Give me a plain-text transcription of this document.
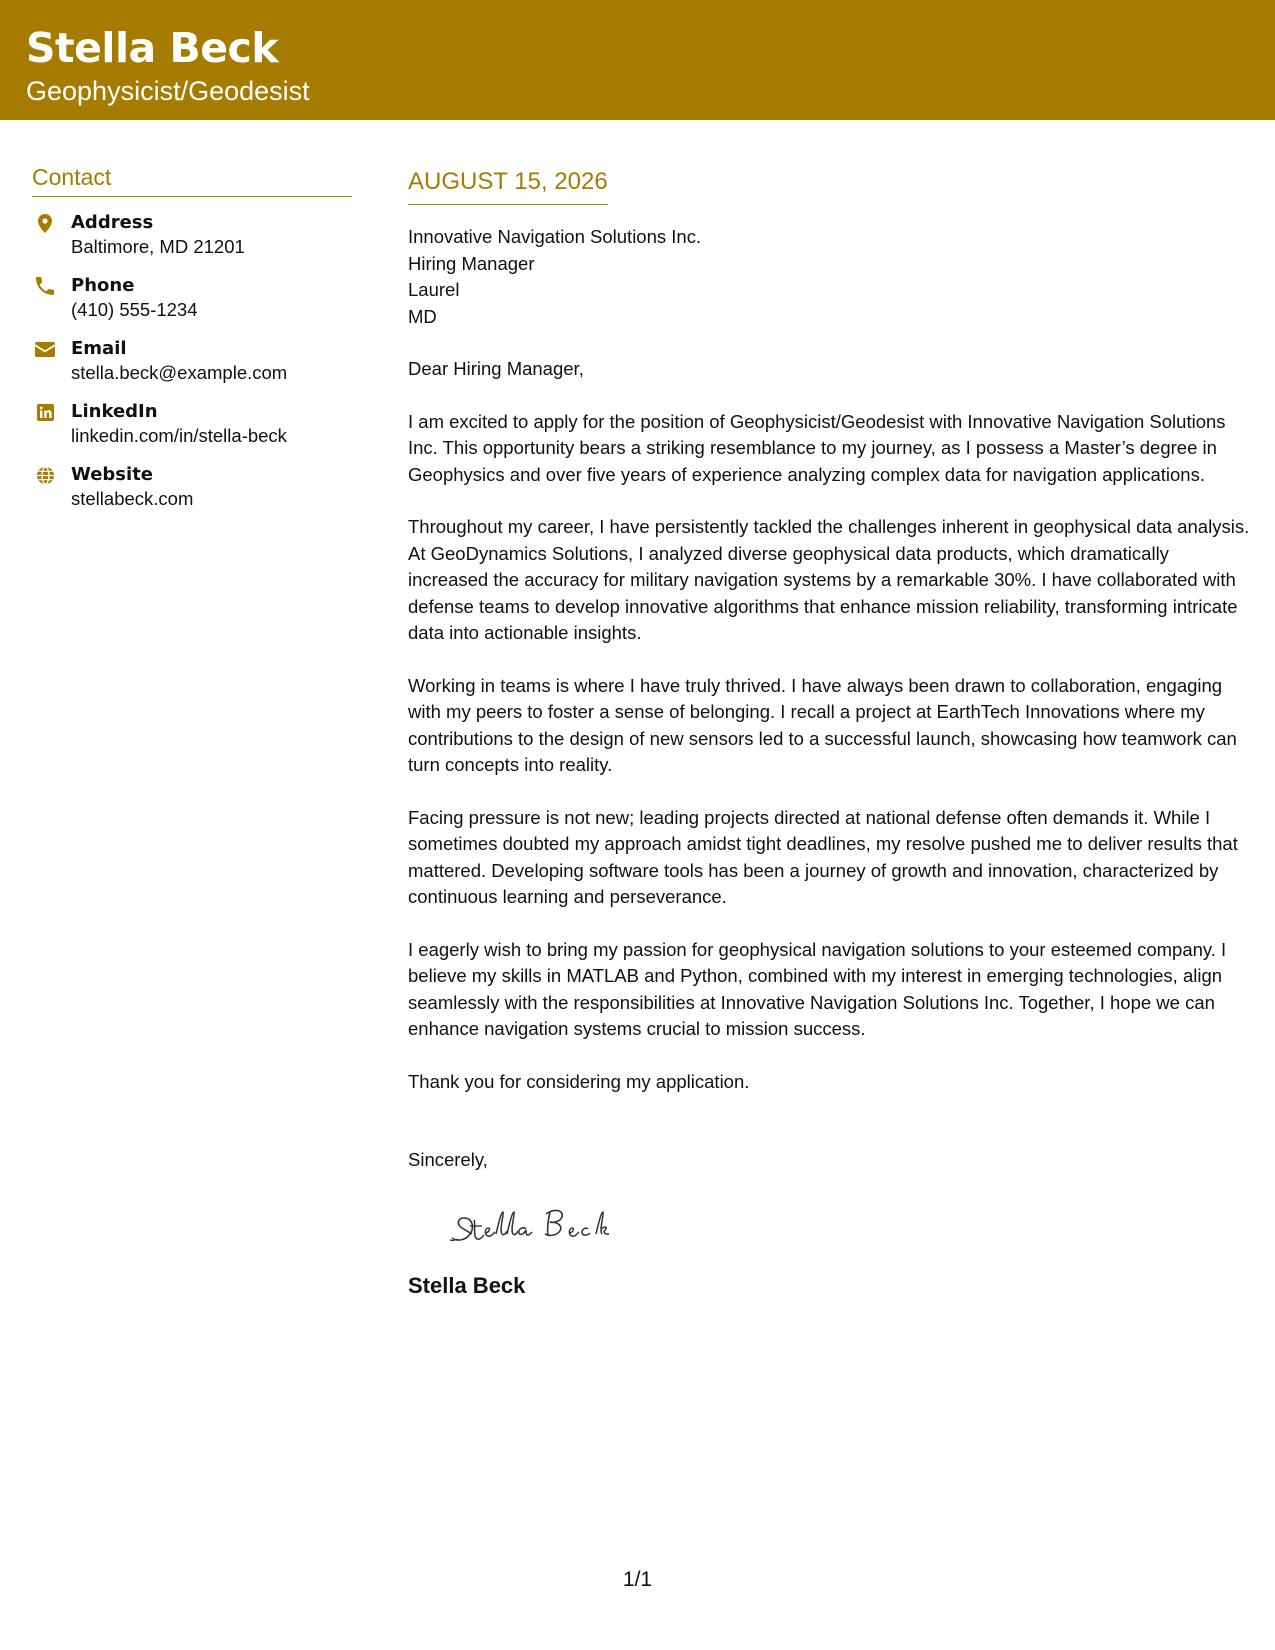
Stella Beck
Geophysicist/Geodesist
Contact
Address
Baltimore, MD 21201
Phone
(410) 555-1234
Email
stella.beck@example.com
LinkedIn
linkedin.com/in/stella-beck
Website
stellabeck.com
AUGUST 15, 2026
Innovative Navigation Solutions Inc.
Hiring Manager
Laurel
MD
Dear Hiring Manager,
I am excited to apply for the position of Geophysicist/Geodesist with Innovative Navigation Solutions Inc. This opportunity bears a striking resemblance to my journey, as I possess a Master’s degree in Geophysics and over five years of experience analyzing complex data for navigation applications.
Throughout my career, I have persistently tackled the challenges inherent in geophysical data analysis. At GeoDynamics Solutions, I analyzed diverse geophysical data products, which dramatically increased the accuracy for military navigation systems by a remarkable 30%. I have collaborated with defense teams to develop innovative algorithms that enhance mission reliability, transforming intricate data into actionable insights.
Working in teams is where I have truly thrived. I have always been drawn to collaboration, engaging with my peers to foster a sense of belonging. I recall a project at EarthTech Innovations where my contributions to the design of new sensors led to a successful launch, showcasing how teamwork can turn concepts into reality.
Facing pressure is not new; leading projects directed at national defense often demands it. While I sometimes doubted my approach amidst tight deadlines, my resolve pushed me to deliver results that mattered. Developing software tools has been a journey of growth and innovation, characterized by continuous learning and perseverance.
I eagerly wish to bring my passion for geophysical navigation solutions to your esteemed company. I believe my skills in MATLAB and Python, combined with my interest in emerging technologies, align seamlessly with the responsibilities at Innovative Navigation Solutions Inc. Together, I hope we can enhance navigation systems crucial to mission success.
Thank you for considering my application.
Sincerely,
Stella Beck
1/1
